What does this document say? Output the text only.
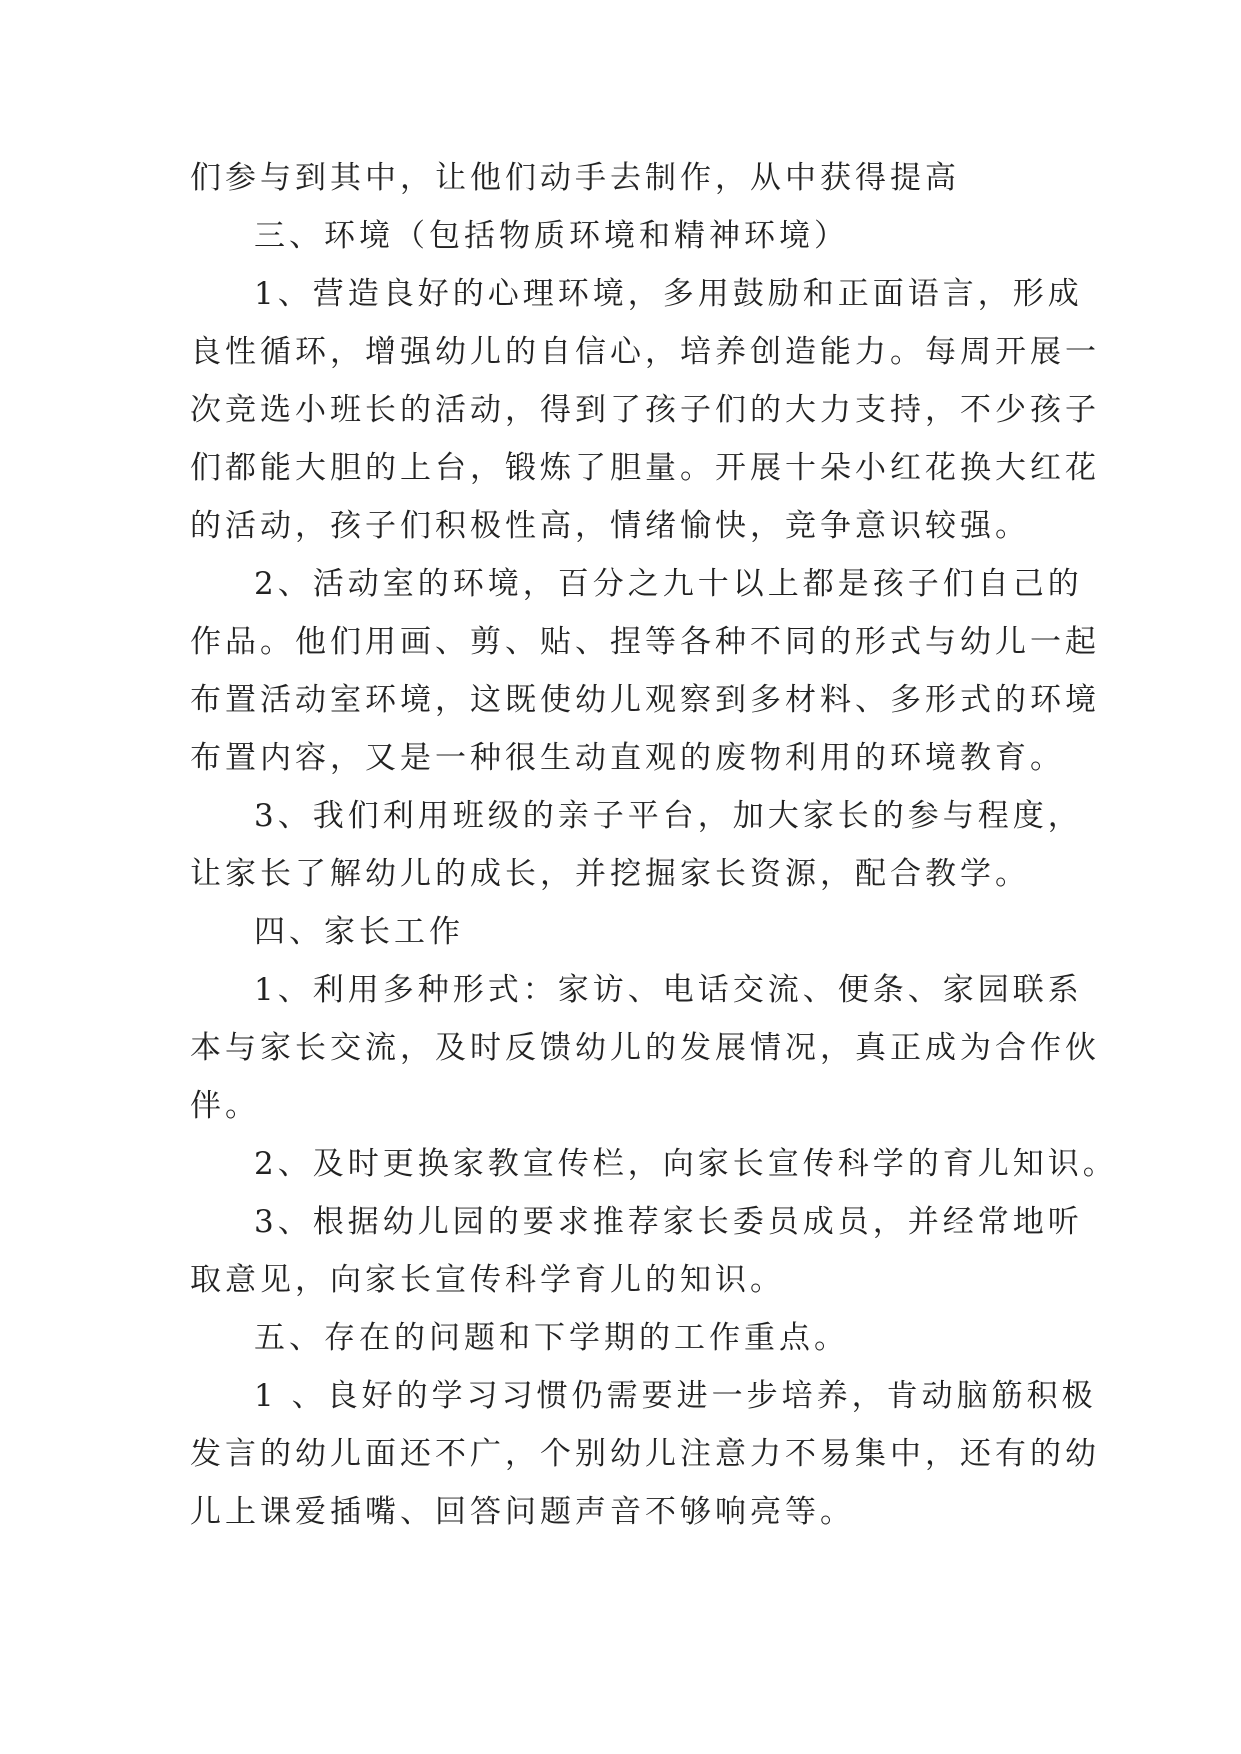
们参与到其中，让他们动手去制作，从中获得提高
三、环境（包括物质环境和精神环境）
1、营造良好的心理环境，多用鼓励和正面语言，形成
良性循环，增强幼儿的自信心，培养创造能力。每周开展一
次竞选小班长的活动，得到了孩子们的大力支持，不少孩子
们都能大胆的上台，锻炼了胆量。开展十朵小红花换大红花
的活动，孩子们积极性高，情绪愉快，竞争意识较强。
2、活动室的环境，百分之九十以上都是孩子们自己的
作品。他们用画、剪、贴、捏等各种不同的形式与幼儿一起
布置活动室环境，这既使幼儿观察到多材料、多形式的环境
布置内容，又是一种很生动直观的废物利用的环境教育。
3、我们利用班级的亲子平台，加大家长的参与程度，
让家长了解幼儿的成长，并挖掘家长资源，配合教学。
四、家长工作
1、利用多种形式：家访、电话交流、便条、家园联系
本与家长交流，及时反馈幼儿的发展情况，真正成为合作伙
伴。
2、及时更换家教宣传栏，向家长宣传科学的育儿知识。
3、根据幼儿园的要求推荐家长委员成员，并经常地听
取意见，向家长宣传科学育儿的知识。
五、存在的问题和下学期的工作重点。
1 、良好的学习习惯仍需要进一步培养，肯动脑筋积极
发言的幼儿面还不广，个别幼儿注意力不易集中，还有的幼
儿上课爱插嘴、回答问题声音不够响亮等。
